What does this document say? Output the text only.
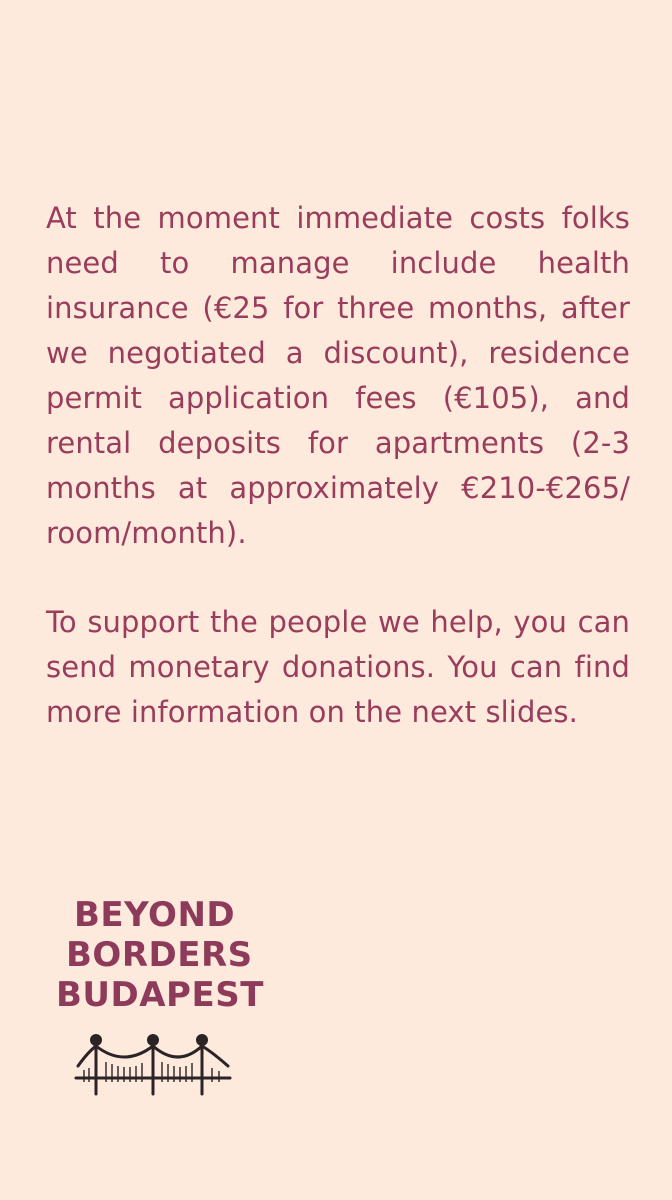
At the moment immediate costs folks need to manage include health insurance (€25 for three months, after we negotiated a discount), residence permit application fees (€105), and rental deposits for apartments (2-3 months at approximately €210-€265/ room/month).

To support the people we help, you can send monetary donations. You can find more information on the next slides.

BEYOND
BORDERS
BUDAPEST
